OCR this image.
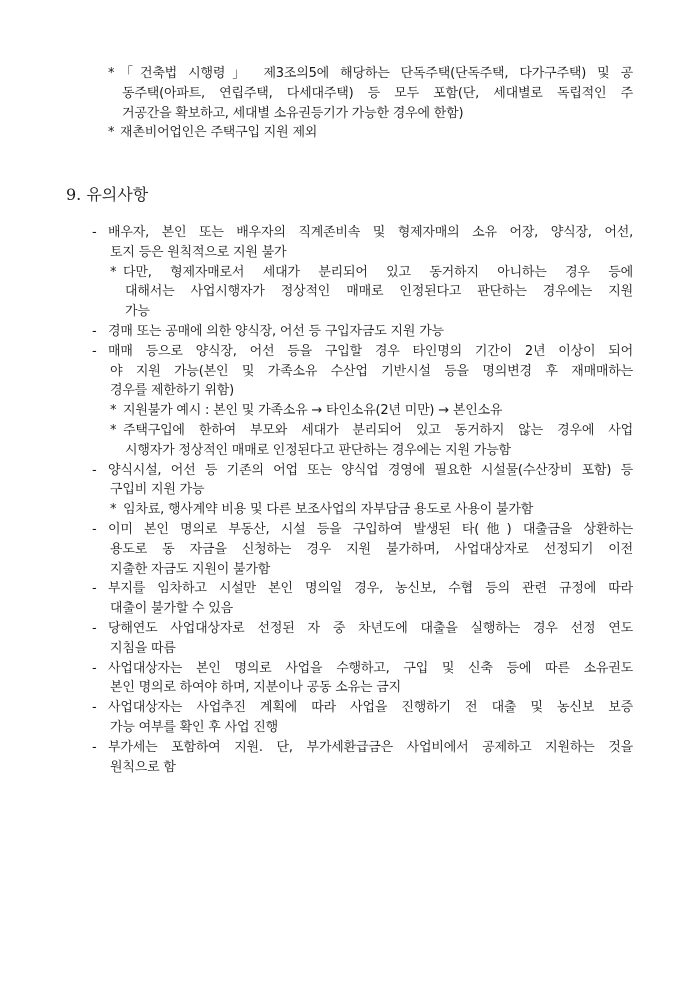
* 「건축법 시행령」 제3조의5에 해당하는 단독주택(단독주택, 다가구주택) 및 공
동주택(아파트, 연립주택, 다세대주택) 등 모두 포함(단, 세대별로 독립적인 주
거공간을 확보하고, 세대별 소유권등기가 가능한 경우에 한함)
* 재촌비어업인은 주택구입 지원 제외
9. 유의사항
- 배우자, 본인 또는 배우자의 직계존비속 및 형제자매의 소유 어장, 양식장, 어선,
토지 등은 원칙적으로 지원 불가
* 다만, 형제자매로서 세대가 분리되어 있고 동거하지 아니하는 경우 등에
대해서는 사업시행자가 정상적인 매매로 인정된다고 판단하는 경우에는 지원
가능
- 경매 또는 공매에 의한 양식장, 어선 등 구입자금도 지원 가능
- 매매 등으로 양식장, 어선 등을 구입할 경우 타인명의 기간이 2년 이상이 되어
야 지원 가능(본인 및 가족소유 수산업 기반시설 등을 명의변경 후 재매매하는
경우를 제한하기 위함)
* 지원불가 예시 : 본인 및 가족소유 → 타인소유(2년 미만) → 본인소유
* 주택구입에 한하여 부모와 세대가 분리되어 있고 동거하지 않는 경우에 사업
시행자가 정상적인 매매로 인정된다고 판단하는 경우에는 지원 가능함
- 양식시설, 어선 등 기존의 어업 또는 양식업 경영에 필요한 시설물(수산장비 포함) 등
구입비 지원 가능
* 임차료, 행사계약 비용 및 다른 보조사업의 자부담금 용도로 사용이 불가함
- 이미 본인 명의로 부동산, 시설 등을 구입하여 발생된 타(他) 대출금을 상환하는
용도로 동 자금을 신청하는 경우 지원 불가하며, 사업대상자로 선정되기 이전
지출한 자금도 지원이 불가함
- 부지를 임차하고 시설만 본인 명의일 경우, 농신보, 수협 등의 관련 규정에 따라
대출이 불가할 수 있음
- 당해연도 사업대상자로 선정된 자 중 차년도에 대출을 실행하는 경우 선정 연도
지침을 따름
- 사업대상자는 본인 명의로 사업을 수행하고, 구입 및 신축 등에 따른 소유권도
본인 명의로 하여야 하며, 지분이나 공동 소유는 금지
- 사업대상자는 사업추진 계획에 따라 사업을 진행하기 전 대출 및 농신보 보증
가능 여부를 확인 후 사업 진행
- 부가세는 포함하여 지원. 단, 부가세환급금은 사업비에서 공제하고 지원하는 것을
원칙으로 함
